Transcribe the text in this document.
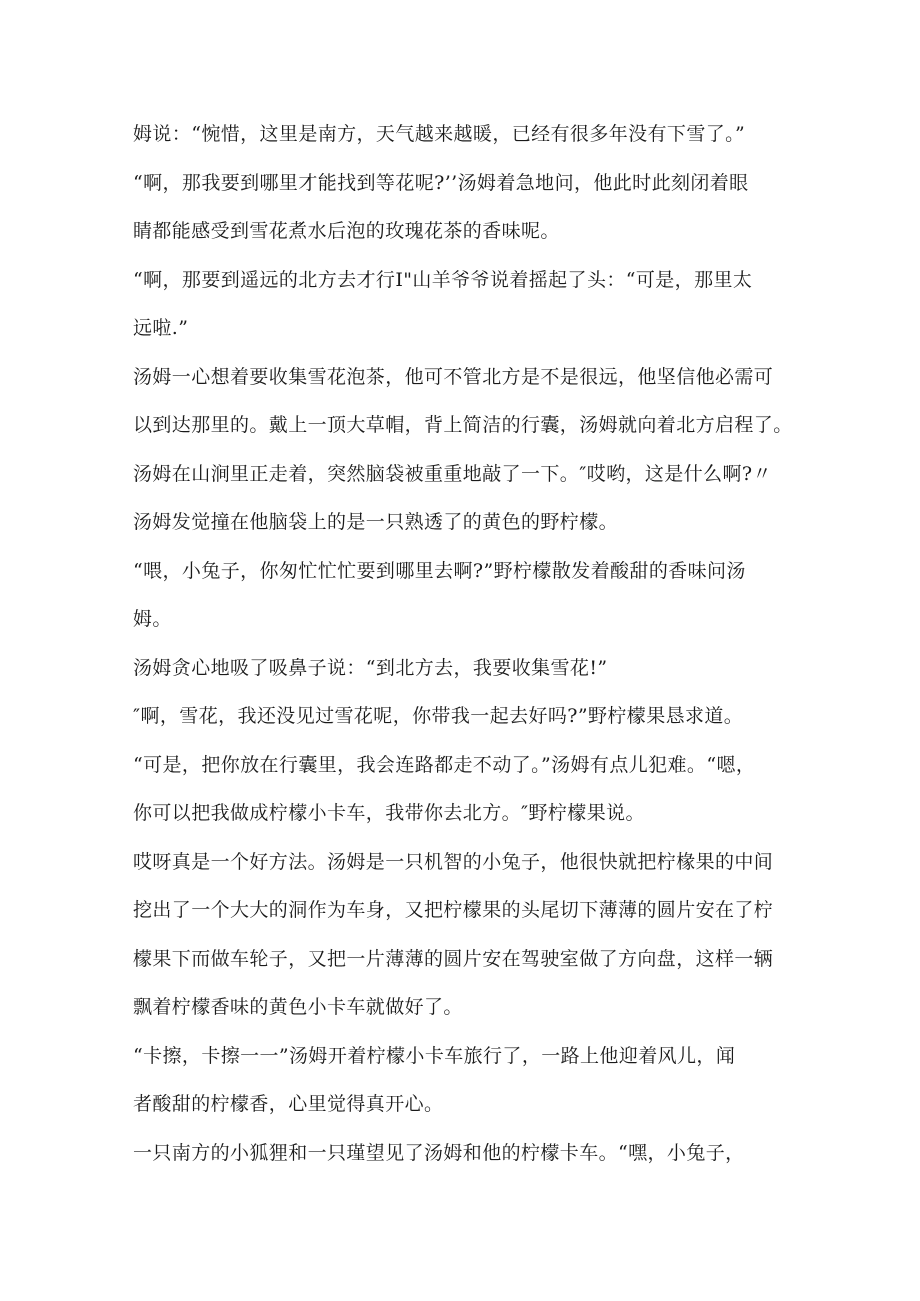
姆说：“惋惜，这里是南方，天气越来越暖，已经有很多年没有下雪了。”
“啊，那我要到哪里才能找到等花呢?’’汤姆着急地问，他此时此刻闭着眼
睛都能感受到雪花煮水后泡的玫瑰花茶的香味呢。
“啊，那要到遥远的北方去才行I"山羊爷爷说着摇起了头：“可是，那里太
远啦.”
汤姆一心想着要收集雪花泡茶，他可不管北方是不是很远，他坚信他必需可
以到达那里的。戴上一顶大草帽，背上简洁的行囊，汤姆就向着北方启程了。
汤姆在山涧里正走着，突然脑袋被重重地敲了一下。″哎哟，这是什么啊?〃
汤姆发觉撞在他脑袋上的是一只熟透了的黄色的野柠檬。
“喂，小兔子，你匆忙忙忙要到哪里去啊?”野柠檬散发着酸甜的香味问汤
姆。
汤姆贪心地吸了吸鼻子说：“到北方去，我要收集雪花!”
″啊，雪花，我还没见过雪花呢，你带我一起去好吗?”野柠檬果恳求道。
“可是，把你放在行囊里，我会连路都走不动了。”汤姆有点儿犯难。“嗯，
你可以把我做成柠檬小卡车，我带你去北方。″野柠檬果说。
哎呀真是一个好方法。汤姆是一只机智的小兔子，他很快就把柠椽果的中间
挖出了一个大大的洞作为车身，又把柠檬果的头尾切下薄薄的圆片安在了柠
檬果下而做车轮子，又把一片薄薄的圆片安在驾驶室做了方向盘，这样一辆
飘着柠檬香味的黄色小卡车就做好了。
“卡擦，卡擦一一”汤姆开着柠檬小卡车旅行了，一路上他迎着风儿，闻
者酸甜的柠檬香，心里觉得真开心。
一只南方的小狐狸和一只瑾望见了汤姆和他的柠檬卡车。“嘿，小兔子，
